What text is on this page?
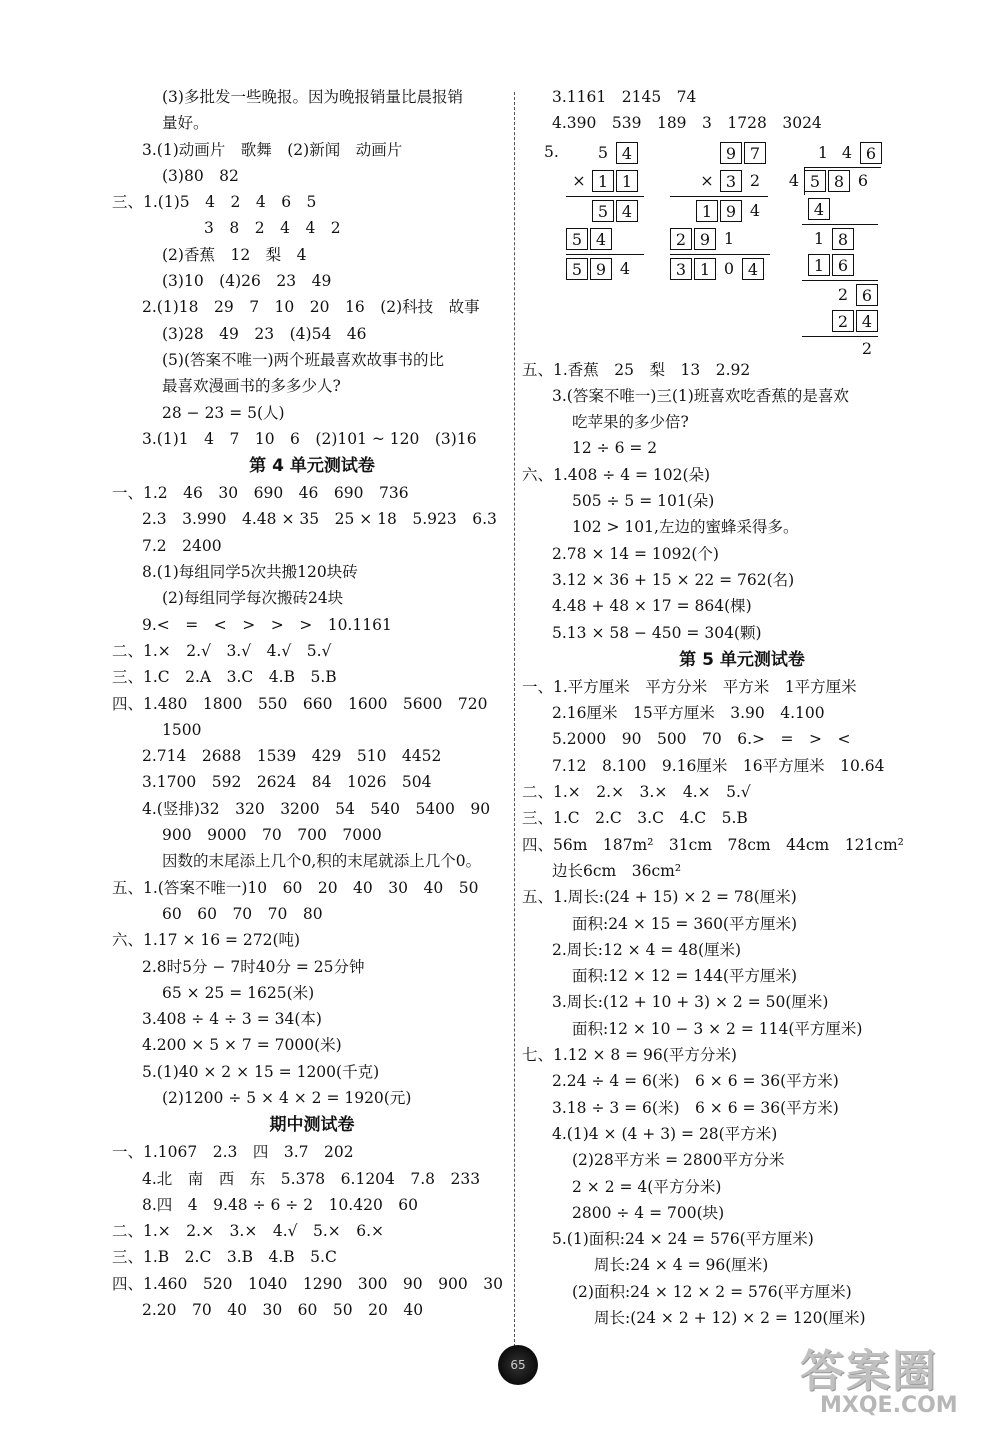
(3)多批发一些晚报。因为晚报销量比晨报销
量好。
3.(1)动画片　歌舞　(2)新闻　动画片
(3)80　82
三、1.(1)5　4　2　4　6　5
3　8　2　4　4　2
(2)香蕉　12　梨　4
(3)10　(4)26　23　49
2.(1)18　29　7　10　20　16　(2)科技　故事
(3)28　49　23　(4)54　46
(5)(答案不唯一)两个班最喜欢故事书的比
最喜欢漫画书的多多少人?
28 − 23 = 5(人)
3.(1)1　4　7　10　6　(2)101 ~ 120　(3)16
第 4 单元测试卷
一、1.2　46　30　690　46　690　736
2.3　3.990　4.48 × 35　25 × 18　5.923　6.3
7.2　2400
8.(1)每组同学5次共搬120块砖
(2)每组同学每次搬砖24块
9.<　=　<　>　>　>　10.1161
二、1.×　2.√　3.√　4.√　5.√
三、1.C　2.A　3.C　4.B　5.B
四、1.480　1800　550　660　1600　5600　720
1500
2.714　2688　1539　429　510　4452
3.1700　592　2624　84　1026　504
4.(竖排)32　320　3200　54　540　5400　90
900　9000　70　700　7000
因数的末尾添上几个0,积的末尾就添上几个0。
五、1.(答案不唯一)10　60　20　40　30　40　50
60　60　70　70　80
六、1.17 × 16 = 272(吨)
2.8时5分 − 7时40分 = 25分钟
65 × 25 = 1625(米)
3.408 ÷ 4 ÷ 3 = 34(本)
4.200 × 5 × 7 = 7000(米)
5.(1)40 × 2 × 15 = 1200(千克)
(2)1200 ÷ 5 × 4 × 2 = 1920(元)
期中测试卷
一、1.1067　2.3　四　3.7　202
4.北　南　西　东　5.378　6.1204　7.8　233
8.四　4　9.48 ÷ 6 ÷ 2　10.420　60
二、1.×　2.×　3.×　4.√　5.×　6.×
三、1.B　2.C　3.B　4.B　5.C
四、1.460　520　1040　1290　300　90　900　30
2.20　70　40　30　60　50　20　40
3.1161　2145　74
4.390　539　189　3　1728　3024
5.	5 4
× 1 1
5 4
5 4
5 9 4
9 7
× 3 2
1 9 4
2 9 1
3 1 0 4
1 4 6
4 5 8 6
4
1 8
1 6
2 6
2 4
2
五、1.香蕉　25　梨　13　2.92
3.(答案不唯一)三(1)班喜欢吃香蕉的是喜欢
吃苹果的多少倍?
12 ÷ 6 = 2
六、1.408 ÷ 4 = 102(朵)
505 ÷ 5 = 101(朵)
102 > 101,左边的蜜蜂采得多。
2.78 × 14 = 1092(个)
3.12 × 36 + 15 × 22 = 762(名)
4.48 + 48 × 17 = 864(棵)
5.13 × 58 − 450 = 304(颗)
第 5 单元测试卷
一、1.平方厘米　平方分米　平方米　1平方厘米
2.16厘米　15平方厘米　3.90　4.100
5.2000　90　500　70　6.>　=　>　<
7.12　8.100　9.16厘米　16平方厘米　10.64
二、1.×　2.×　3.×　4.×　5.√
三、1.C　2.C　3.C　4.C　5.B
四、56m　187m²　31cm　78cm　44cm　121cm²
边长6cm　36cm²
五、1.周长:(24 + 15) × 2 = 78(厘米)
面积:24 × 15 = 360(平方厘米)
2.周长:12 × 4 = 48(厘米)
面积:12 × 12 = 144(平方厘米)
3.周长:(12 + 10 + 3) × 2 = 50(厘米)
面积:12 × 10 − 3 × 2 = 114(平方厘米)
七、1.12 × 8 = 96(平方分米)
2.24 ÷ 4 = 6(米)　6 × 6 = 36(平方米)
3.18 ÷ 3 = 6(米)　6 × 6 = 36(平方米)
4.(1)4 × (4 + 3) = 28(平方米)
(2)28平方米 = 2800平方分米
2 × 2 = 4(平方分米)
2800 ÷ 4 = 700(块)
5.(1)面积:24 × 24 = 576(平方厘米)
周长:24 × 4 = 96(厘米)
(2)面积:24 × 12 × 2 = 576(平方厘米)
周长:(24 × 2 + 12) × 2 = 120(厘米)
65	答案圈
MXQE.COM
